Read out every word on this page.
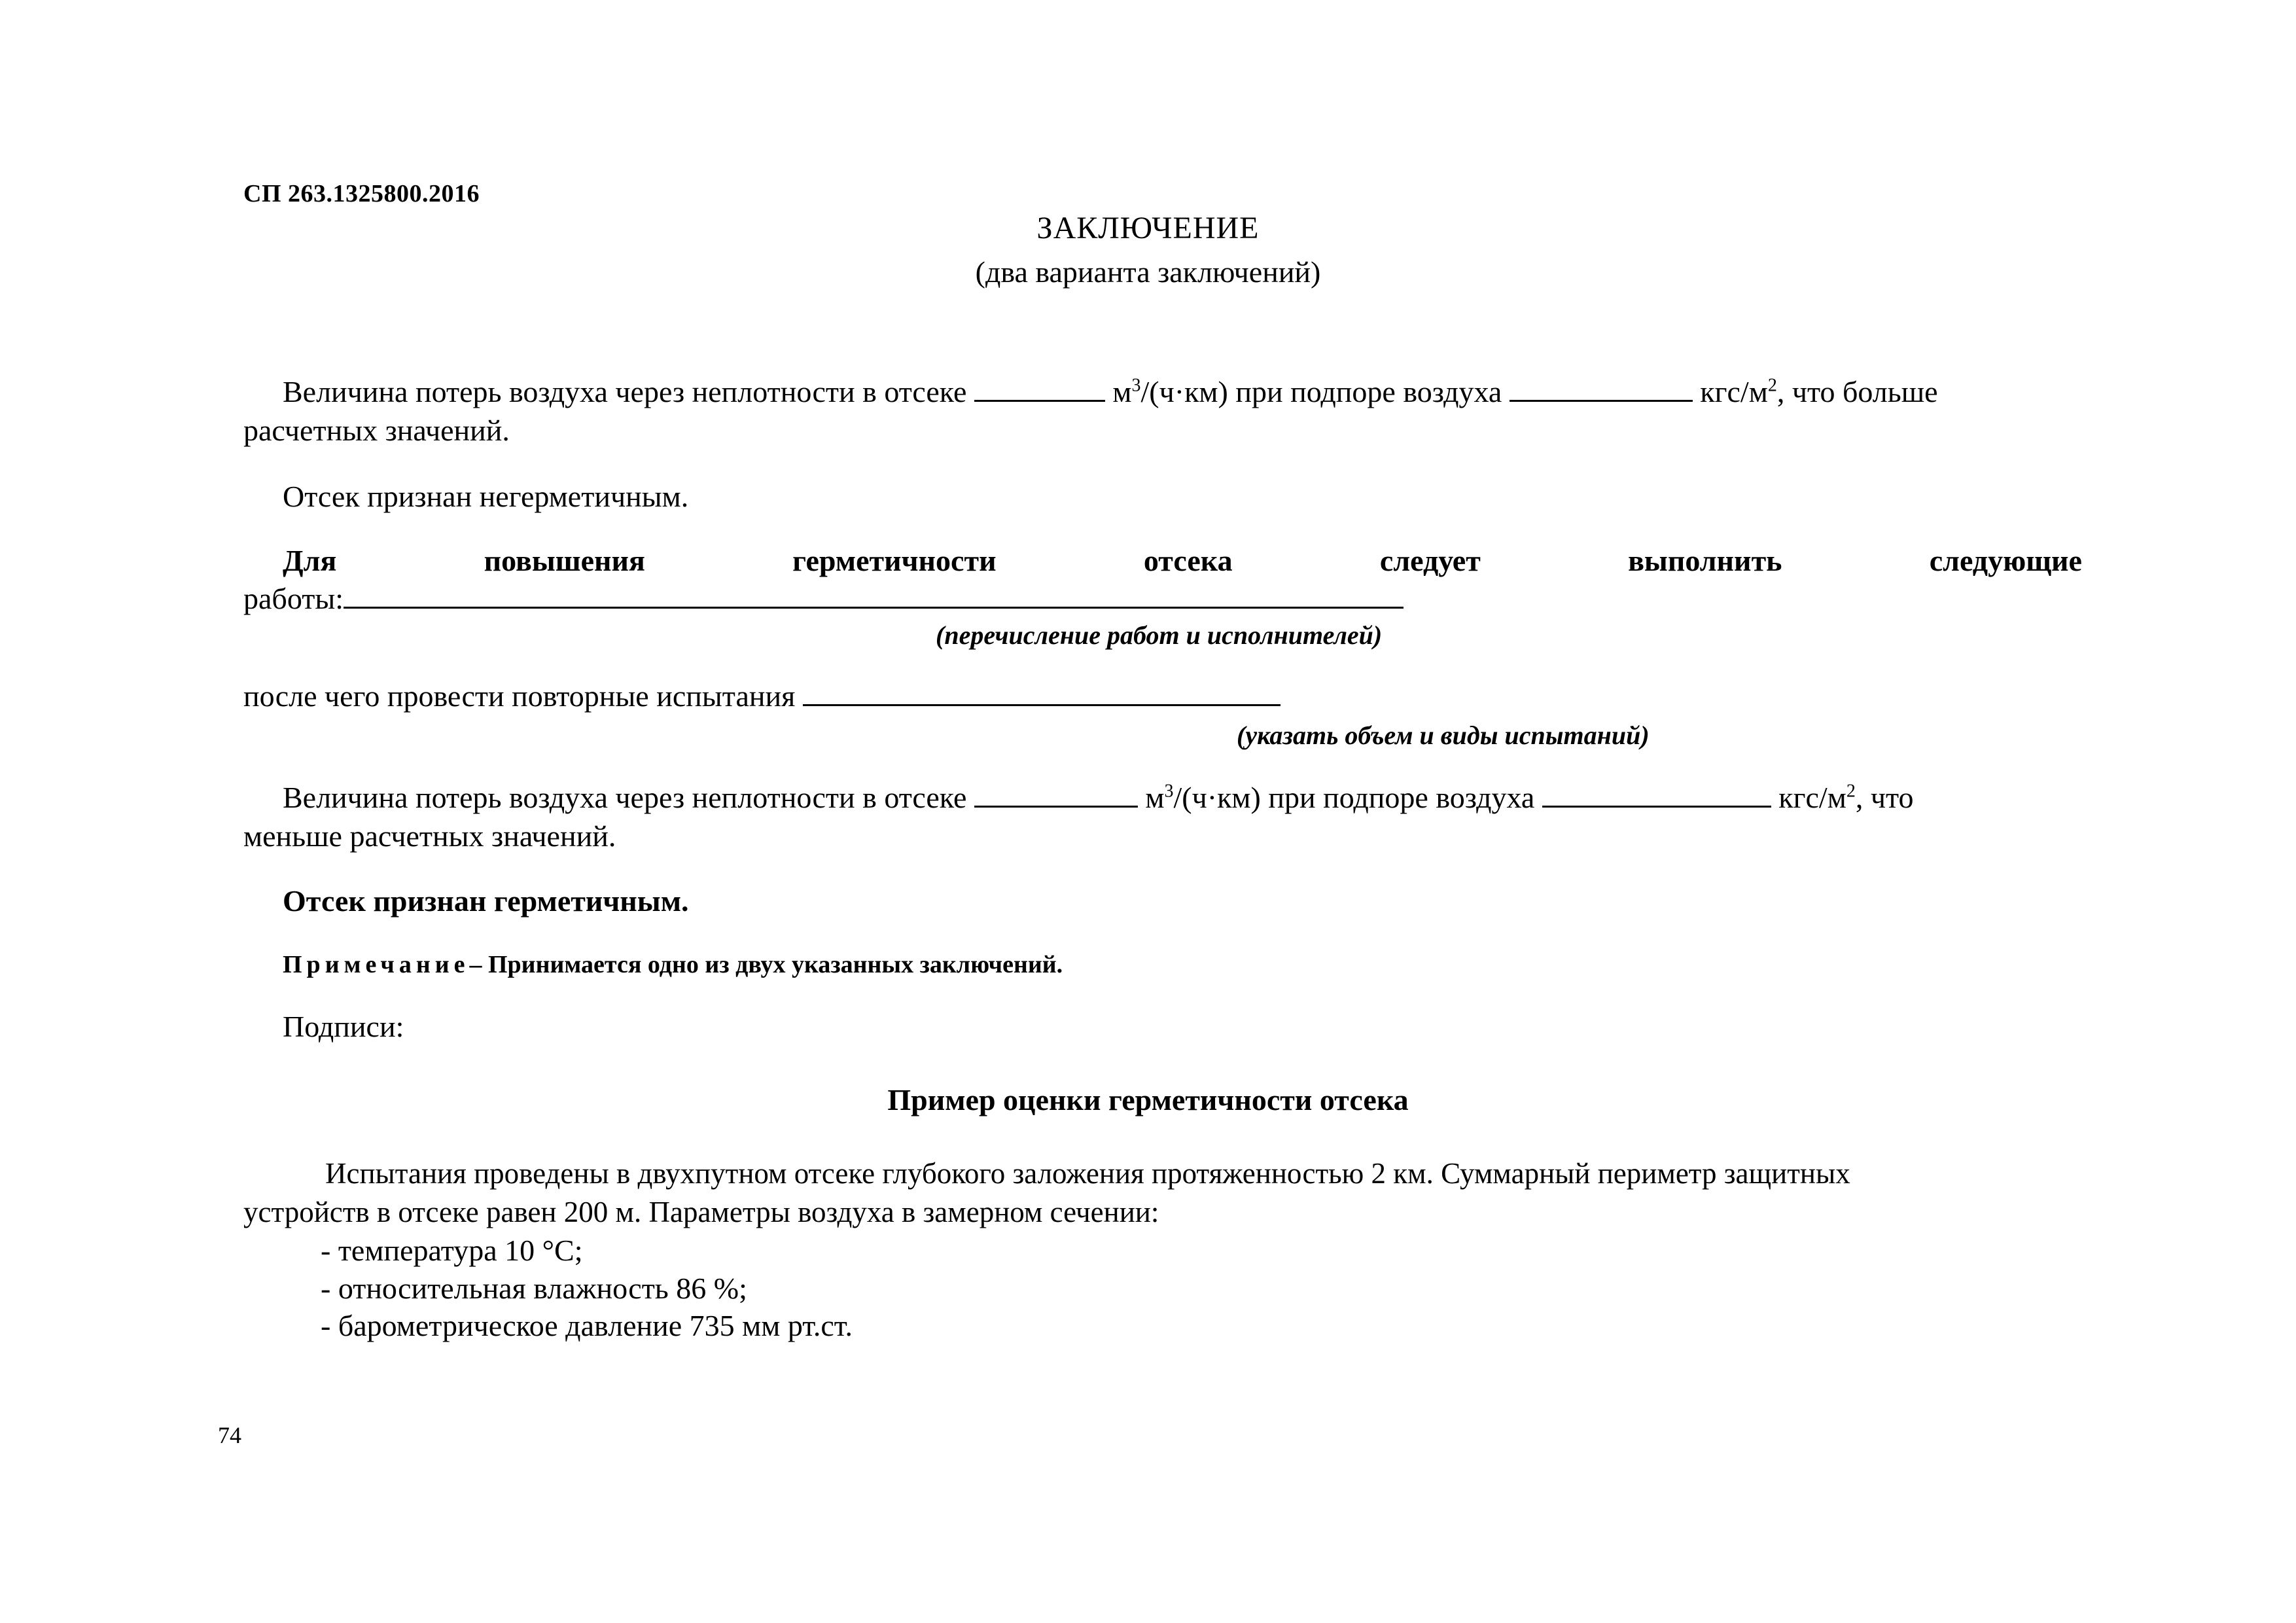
СП 263.1325800.2016
ЗАКЛЮЧЕНИЕ
(два варианта заключений)
Величина потерь воздуха через неплотности в отсеке	$м^3/(ч\cdot км)$ при подпоре воздуха	кгс/$м^2$, что больше
расчетных значений.
Отсек признан негерметичным.
Для	повышения	герметичности	отсека	следует	выполнить	следующие
работы:
(перечисление работ и исполнителей)
после чего провести повторные испытания
(указать объем и виды испытаний)
Величина потерь воздуха через неплотности в отсеке	$м^3/(ч\cdot км)$ при подпоре воздуха	кгс/$м^2$, что
меньше расчетных значений.
Отсек признан герметичным.
Примечание– Принимается одно из двух указанных заключений.
Подписи:
Пример оценки герметичности отсека
Испытания проведены в двухпутном отсеке глубокого заложения протяженностью 2 км. Суммарный периметр защитных
устройств в отсеке равен 200 м. Параметры воздуха в замерном сечении:
- температура 10 °С;
- относительная влажность 86 %;
- барометрическое давление 735 мм рт.ст.
74
